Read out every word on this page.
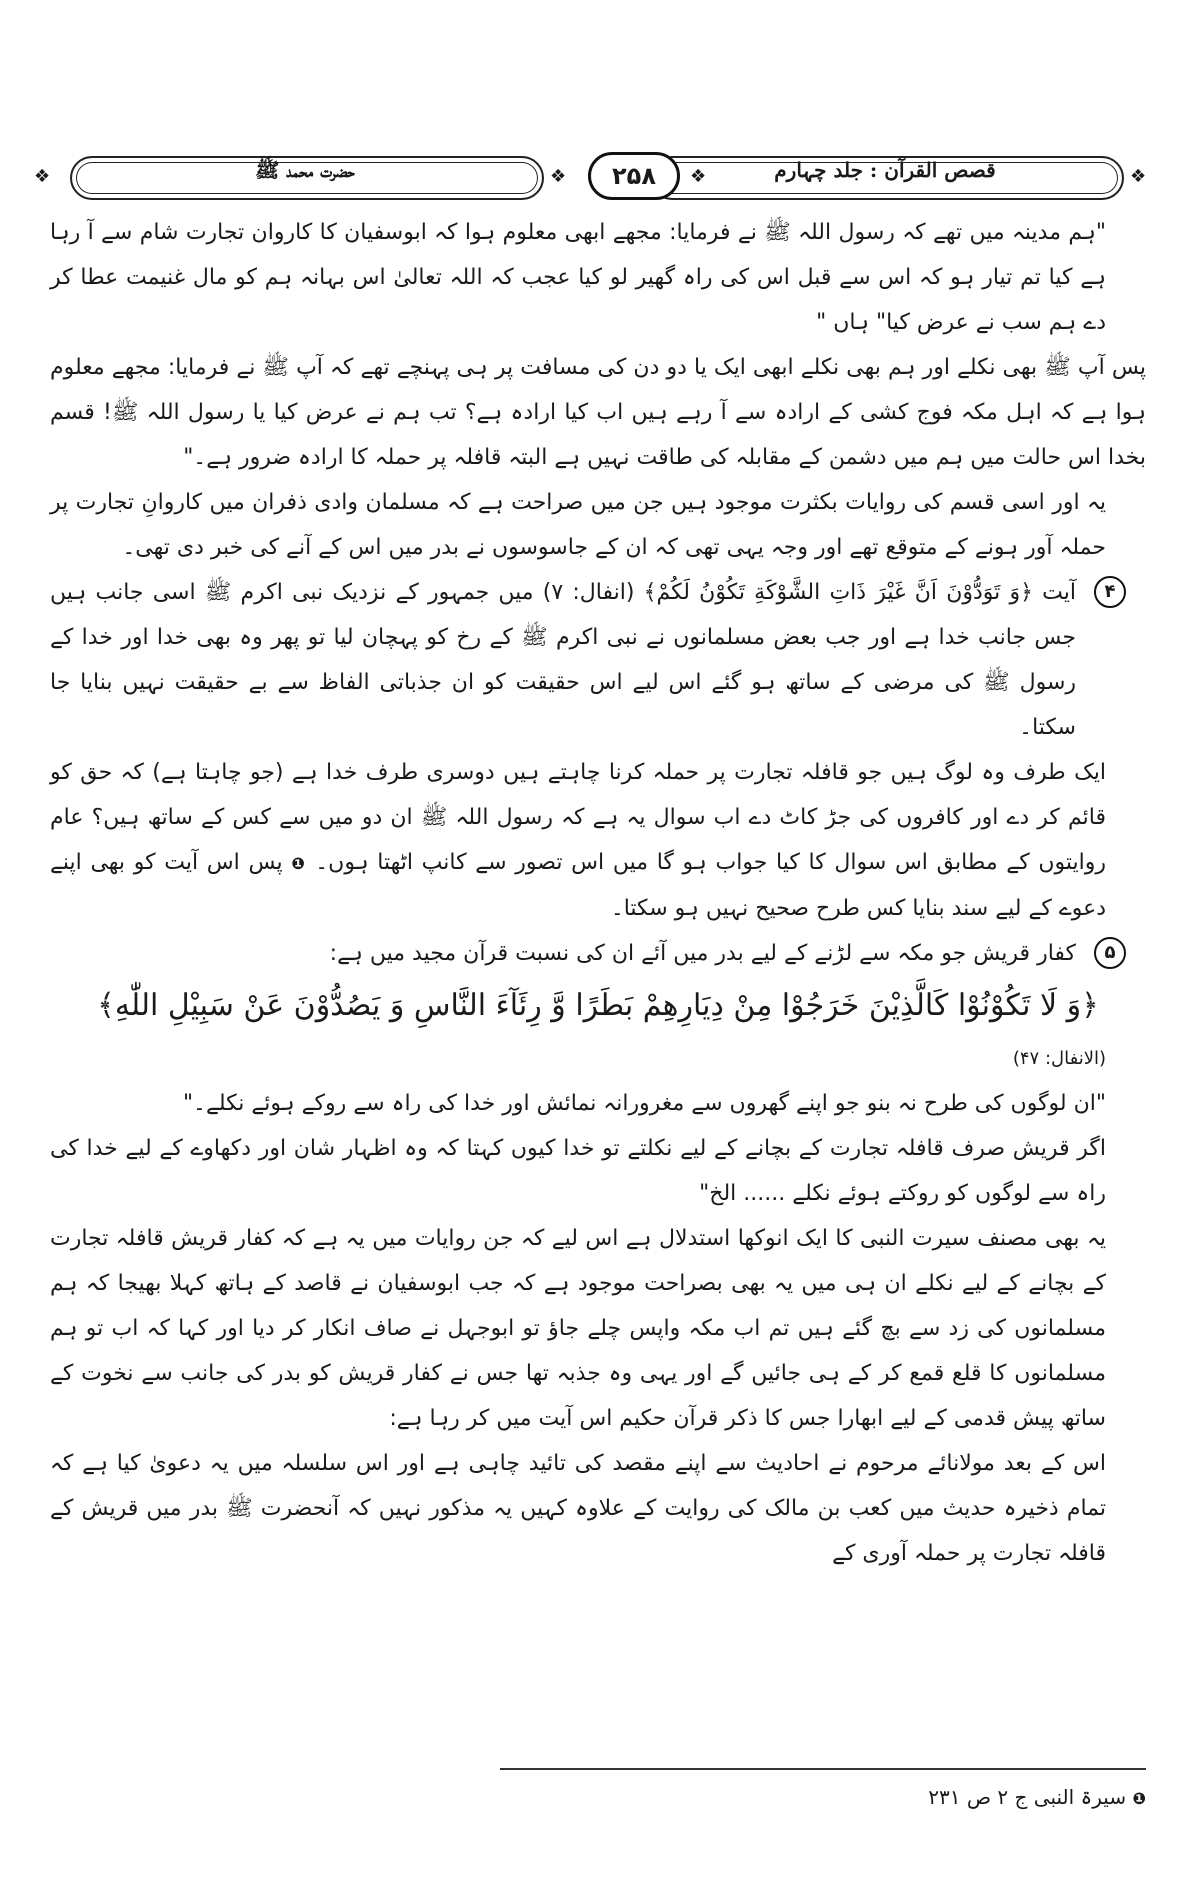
❖	❖
❖	❖
حضرت محمد ﷺ	قصص القرآن : جلد چہارم
۲۵۸

"ہم مدینہ میں تھے کہ رسول اللہ ﷺ نے فرمایا: مجھے ابھی معلوم ہوا کہ ابوسفیان کا کاروان تجارت شام سے آ رہا ہے کیا تم تیار ہو کہ اس سے قبل اس کی راہ گھیر لو کیا عجب کہ اللہ تعالیٰ اس بہانہ ہم کو مال غنیمت عطا کر دے ہم سب نے عرض کیا" ہاں "

پس آپ ﷺ بھی نکلے اور ہم بھی نکلے ابھی ایک یا دو دن کی مسافت پر ہی پہنچے تھے کہ آپ ﷺ نے فرمایا: مجھے معلوم ہوا ہے کہ اہل مکہ فوج کشی کے ارادہ سے آ رہے ہیں اب کیا ارادہ ہے؟ تب ہم نے عرض کیا یا رسول اللہ ﷺ! قسم بخدا اس حالت میں ہم میں دشمن کے مقابلہ کی طاقت نہیں ہے البتہ قافلہ پر حملہ کا ارادہ ضرور ہے۔"

یہ اور اسی قسم کی روایات بکثرت موجود ہیں جن میں صراحت ہے کہ مسلمان وادی ذفران میں کاروانِ تجارت پر حملہ آور ہونے کے متوقع تھے اور وجہ یہی تھی کہ ان کے جاسوسوں نے بدر میں اس کے آنے کی خبر دی تھی۔

۴

آیت ﴿وَ تَوَدُّوْنَ اَنَّ غَيْرَ ذَاتِ الشَّوْكَةِ تَكُوْنُ لَكُمْ﴾ (انفال: ۷) میں جمہور کے نزدیک نبی اکرم ﷺ اسی جانب ہیں جس جانب خدا ہے اور جب بعض مسلمانوں نے نبی اکرم ﷺ کے رخ کو پہچان لیا تو پھر وہ بھی خدا اور خدا کے رسول ﷺ کی مرضی کے ساتھ ہو گئے اس لیے اس حقیقت کو ان جذباتی الفاظ سے بے حقیقت نہیں بنایا جا سکتا۔

ایک طرف وہ لوگ ہیں جو قافلہ تجارت پر حملہ کرنا چاہتے ہیں دوسری طرف خدا ہے (جو چاہتا ہے) کہ حق کو قائم کر دے اور کافروں کی جڑ کاٹ دے اب سوال یہ ہے کہ رسول اللہ ﷺ ان دو میں سے کس کے ساتھ ہیں؟ عام روایتوں کے مطابق اس سوال کا کیا جواب ہو گا میں اس تصور سے کانپ اٹھتا ہوں۔ ❶ پس اس آیت کو بھی اپنے دعوے کے لیے سند بنایا کس طرح صحیح نہیں ہو سکتا۔

۵

کفار قریش جو مکہ سے لڑنے کے لیے بدر میں آئے ان کی نسبت قرآن مجید میں ہے:

﴿وَ لَا تَكُوْنُوْا كَالَّذِيْنَ خَرَجُوْا مِنْ دِيَارِهِمْ بَطَرًا وَّ رِئَآءَ النَّاسِ وَ يَصُدُّوْنَ عَنْ سَبِيْلِ اللّٰهِ﴾

(الانفال: ۴۷)

"ان لوگوں کی طرح نہ بنو جو اپنے گھروں سے مغرورانہ نمائش اور خدا کی راہ سے روکے ہوئے نکلے۔"

اگر قریش صرف قافلہ تجارت کے بچانے کے لیے نکلتے تو خدا کیوں کہتا کہ وہ اظہار شان اور دکھاوے کے لیے خدا کی راہ سے لوگوں کو روکتے ہوئے نکلے ...... الخ"

یہ بھی مصنف سیرت النبی کا ایک انوکھا استدلال ہے اس لیے کہ جن روایات میں یہ ہے کہ کفار قریش قافلہ تجارت کے بچانے کے لیے نکلے ان ہی میں یہ بھی بصراحت موجود ہے کہ جب ابوسفیان نے قاصد کے ہاتھ کہلا بھیجا کہ ہم مسلمانوں کی زد سے بچ گئے ہیں تم اب مکہ واپس چلے جاؤ تو ابوجہل نے صاف انکار کر دیا اور کہا کہ اب تو ہم مسلمانوں کا قلع قمع کر کے ہی جائیں گے اور یہی وہ جذبہ تھا جس نے کفار قریش کو بدر کی جانب سے نخوت کے ساتھ پیش قدمی کے لیے ابھارا جس کا ذکر قرآن حکیم اس آیت میں کر رہا ہے:

اس کے بعد مولانائے مرحوم نے احادیث سے اپنے مقصد کی تائید چاہی ہے اور اس سلسلہ میں یہ دعویٰ کیا ہے کہ تمام ذخیرہ حدیث میں کعب بن مالک کی روایت کے علاوہ کہیں یہ مذکور نہیں کہ آنحضرت ﷺ بدر میں قریش کے قافلہ تجارت پر حملہ آوری کے

❶ سیرۃ النبی ج ۲ ص ۲۳۱
